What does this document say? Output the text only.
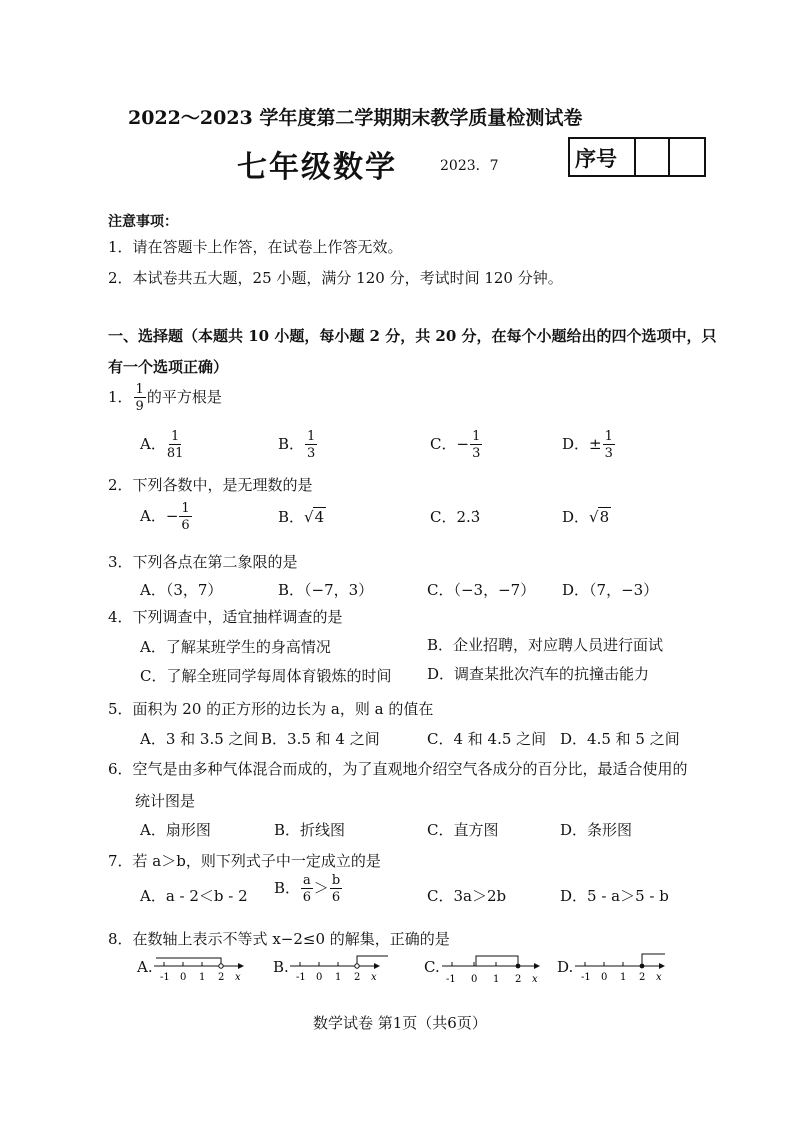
2022～2023 学年度第二学期期末教学质量检测试卷
七年级数学	2023．7	序号
注意事项：
1．请在答题卡上作答，在试卷上作答无效。
2．本试卷共五大题，25 小题，满分 120 分，考试时间 120 分钟。
一、选择题（本题共 10 小题，每小题 2 分，共 20 分，在每个小题给出的四个选项中，只
有一个选项正确）
1． $\frac{1}{9}$ 的平方根是
A． $\frac{1}{81}$	B． $\frac{1}{3}$	C．− $\frac{1}{3}$	D．± $\frac{1}{3}$
2．下列各数中，是无理数的是
A．− $\frac{1}{6}$	B．√4	C．2.3̇	D．√8
3．下列各点在第二象限的是
A．（3，7）	B．（−7，3）	C．（−3，−7） D．（7，−3）
4．下列调查中，适宜抽样调查的是
A．了解某班学生的身高情况	B．企业招聘，对应聘人员进行面试
C．了解全班同学每周体育锻炼的时间 D．调查某批次汽车的抗撞击能力
5．面积为 20 的正方形的边长为 a，则 a 的值在
A．3 和 3.5 之间 B．3.5 和 4 之间	C．4 和 4.5 之间 D．4.5 和 5 之间
6．空气是由多种气体混合而成的，为了直观地介绍空气各成分的百分比，最适合使用的
统计图是
A．扇形图	B．折线图	C．直方图	D．条形图
7．若 a＞b，则下列式子中一定成立的是
A．a - 2＜b - 2 B． $\frac{a}{6} > \frac{b}{6}$	C．3a＞2b	D．5 - a＞5 - b
8．在数轴上表示不等式 x−2≤0 的解集，正确的是
A.	B.	C.	D.
-1 0 1 2 x	-1 0 1 2 x	-1 0 1 2 x	-1 0 1 2 x
数学试卷 第1页（共6页）
